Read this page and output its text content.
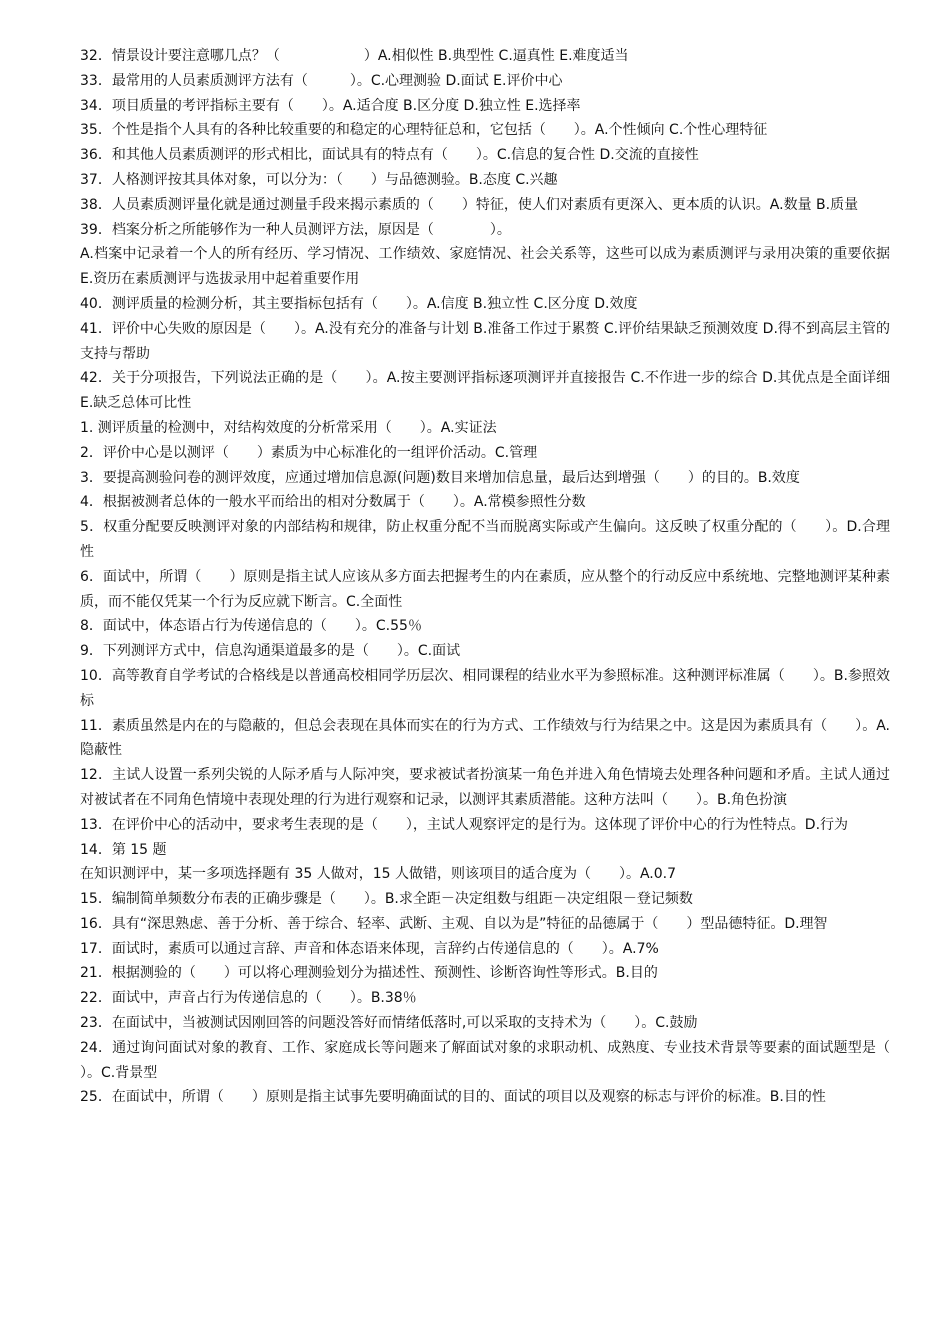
32．情景设计要注意哪几点？（　　　　　　）A.相似性 B.典型性 C.逼真性 E.难度适当

33．最常用的人员素质测评方法有（　　　）。C.心理测验 D.面试 E.评价中心

34．项目质量的考评指标主要有（　　）。A.适合度 B.区分度 D.独立性 E.选择率

35．个性是指个人具有的各种比较重要的和稳定的心理特征总和，它包括（　　）。A.个性倾向 C.个性心理特征

36．和其他人员素质测评的形式相比，面试具有的特点有（　　）。C.信息的复合性 D.交流的直接性

37．人格测评按其具体对象，可以分为：（　　）与品德测验。B.态度 C.兴趣

38．人员素质测评量化就是通过测量手段来揭示素质的（　　）特征，使人们对素质有更深入、更本质的认识。A.数量 B.质量

39．档案分析之所能够作为一种人员测评方法，原因是（　　　　）。

A.档案中记录着一个人的所有经历、学习情况、工作绩效、家庭情况、社会关系等，这些可以成为素质测评与录用决策的重要依据 E.资历在素质测评与选拔录用中起着重要作用

40．测评质量的检测分析，其主要指标包括有（　　）。A.信度 B.独立性 C.区分度 D.效度

41．评价中心失败的原因是（　　）。A.没有充分的准备与计划 B.准备工作过于累赘 C.评价结果缺乏预测效度 D.得不到高层主管的支持与帮助

42．关于分项报告，下列说法正确的是（　　）。A.按主要测评指标逐项测评并直接报告 C.不作进一步的综合 D.其优点是全面详细 E.缺乏总体可比性

1. 测评质量的检测中，对结构效度的分析常采用（　　）。A.实证法

2．评价中心是以测评（　　）素质为中心标准化的一组评价活动。C.管理

3．要提高测验问卷的测评效度，应通过增加信息源(问题)数目来增加信息量，最后达到增强（　　）的目的。B.效度

4．根据被测者总体的一般水平而给出的相对分数属于（　　）。A.常模参照性分数

5．权重分配要反映测评对象的内部结构和规律，防止权重分配不当而脱离实际或产生偏向。这反映了权重分配的（　　）。D.合理性

6．面试中，所谓（　　）原则是指主试人应该从多方面去把握考生的内在素质，应从整个的行动反应中系统地、完整地测评某种素质，而不能仅凭某一个行为反应就下断言。C.全面性

8．面试中，体态语占行为传递信息的（　　）。C.55％

9．下列测评方式中，信息沟通渠道最多的是（　　）。C.面试

10．高等教育自学考试的合格线是以普通高校相同学历层次、相同课程的结业水平为参照标准。这种测评标准属（　　）。B.参照效标

11．素质虽然是内在的与隐蔽的，但总会表现在具体而实在的行为方式、工作绩效与行为结果之中。这是因为素质具有（　　）。A.隐蔽性

12．主试人设置一系列尖锐的人际矛盾与人际冲突，要求被试者扮演某一角色并进入角色情境去处理各种问题和矛盾。主试人通过对被试者在不同角色情境中表现处理的行为进行观察和记录，以测评其素质潜能。这种方法叫（　　）。B.角色扮演

13．在评价中心的活动中，要求考生表现的是（　　），主试人观察评定的是行为。这体现了评价中心的行为性特点。D.行为

14．第 15 题

在知识测评中，某一多项选择题有 35 人做对，15 人做错，则该项目的适合度为（　　）。A.0.7

15．编制简单频数分布表的正确步骤是（　　）。B.求全距－决定组数与组距－决定组限－登记频数

16．具有“深思熟虑、善于分析、善于综合、轻率、武断、主观、自以为是”特征的品德属于（　　）型品德特征。D.理智

17．面试时，素质可以通过言辞、声音和体态语来体现，言辞约占传递信息的（　　）。A.7%

21．根据测验的（　　）可以将心理测验划分为描述性、预测性、诊断咨询性等形式。B.目的

22．面试中，声音占行为传递信息的（　　）。B.38％

23．在面试中，当被测试因刚回答的问题没答好而情绪低落时,可以采取的支持术为（　　）。C.鼓励

24．通过询问面试对象的教育、工作、家庭成长等问题来了解面试对象的求职动机、成熟度、专业技术背景等要素的面试题型是（　　）。C.背景型

25．在面试中，所谓（　　）原则是指主试事先要明确面试的目的、面试的项目以及观察的标志与评价的标准。B.目的性
